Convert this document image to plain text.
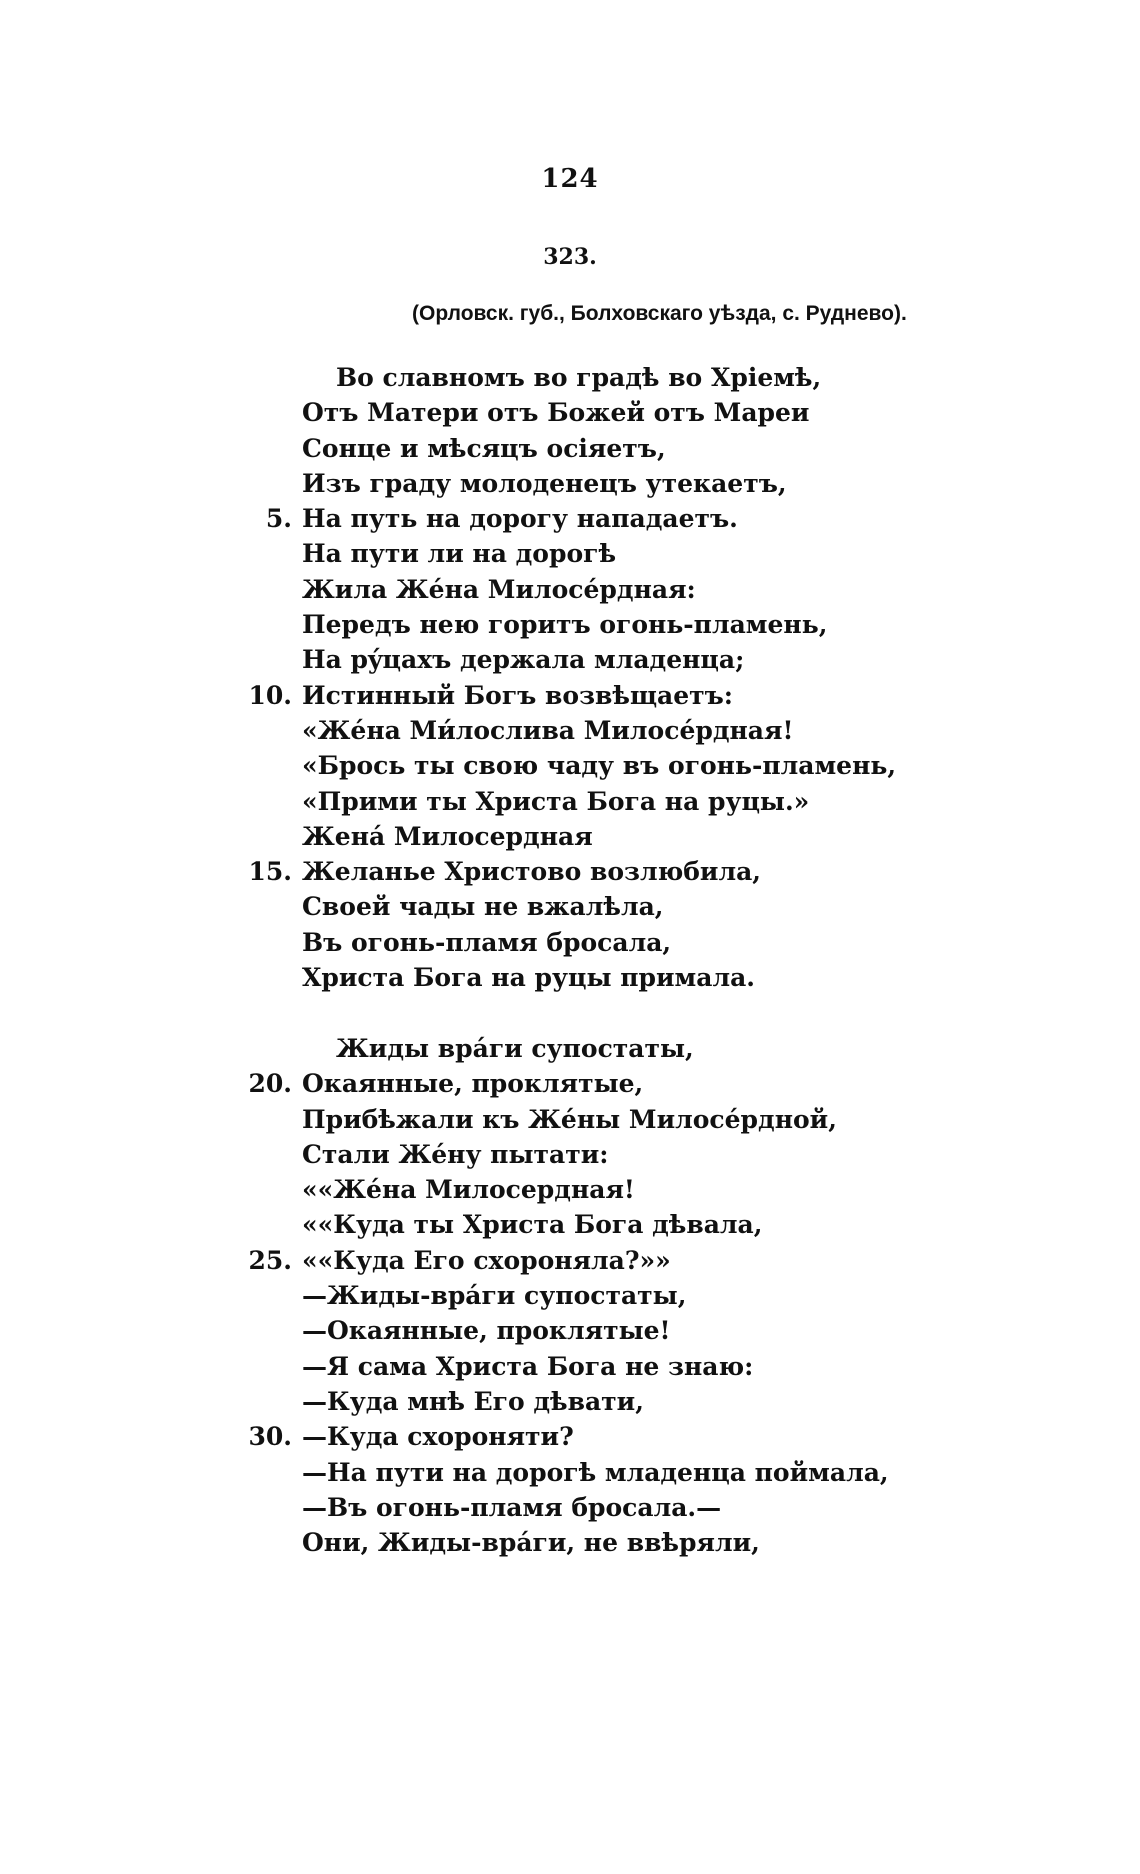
124
323.
(Орловск. губ., Болховскаго уѣзда, с. Руднево).
Во славномъ во градѣ во Хріемѣ,
Отъ Матери отъ Божей отъ Мареи
Сонце и мѣсяцъ осіяетъ,
Изъ граду молоденецъ утекаетъ,
5. На путь на дорогу нападаетъ.
На пути ли на дорогѣ
Жила Жéна Милосéрдная:
Передъ нею горитъ огонь-пламень,
На рýцахъ держала младенца;
10. Истинный Богъ возвѣщаетъ:
«Жéна Ми́лослива Милосéрдная!
«Брось ты свою чаду въ огонь-пламень,
«Прими ты Христа Бога на руцы.»
Женá Милосердная
15. Желанье Христово возлюбила,
Своей чады не вжалѣла,
Въ огонь-пламя бросала,
Христа Бога на руцы примала.
Жиды врáги супостаты,
20. Окаянные, проклятые,
Прибѣжали къ Жéны Милосéрдной,
Стали Жéну пытати:
««Жéна Милосердная!
««Куда ты Христа Бога дѣвала,
25. ««Куда Его схороняла?»»
—Жиды-врáги супостаты,
—Окаянные, проклятые!
—Я сама Христа Бога не знаю:
—Куда мнѣ Его дѣвати,
30. —Куда схороняти?
—На пути на дорогѣ младенца поймала,
—Въ огонь-пламя бросала.—
Они, Жиды-врáги, не ввѣряли,
